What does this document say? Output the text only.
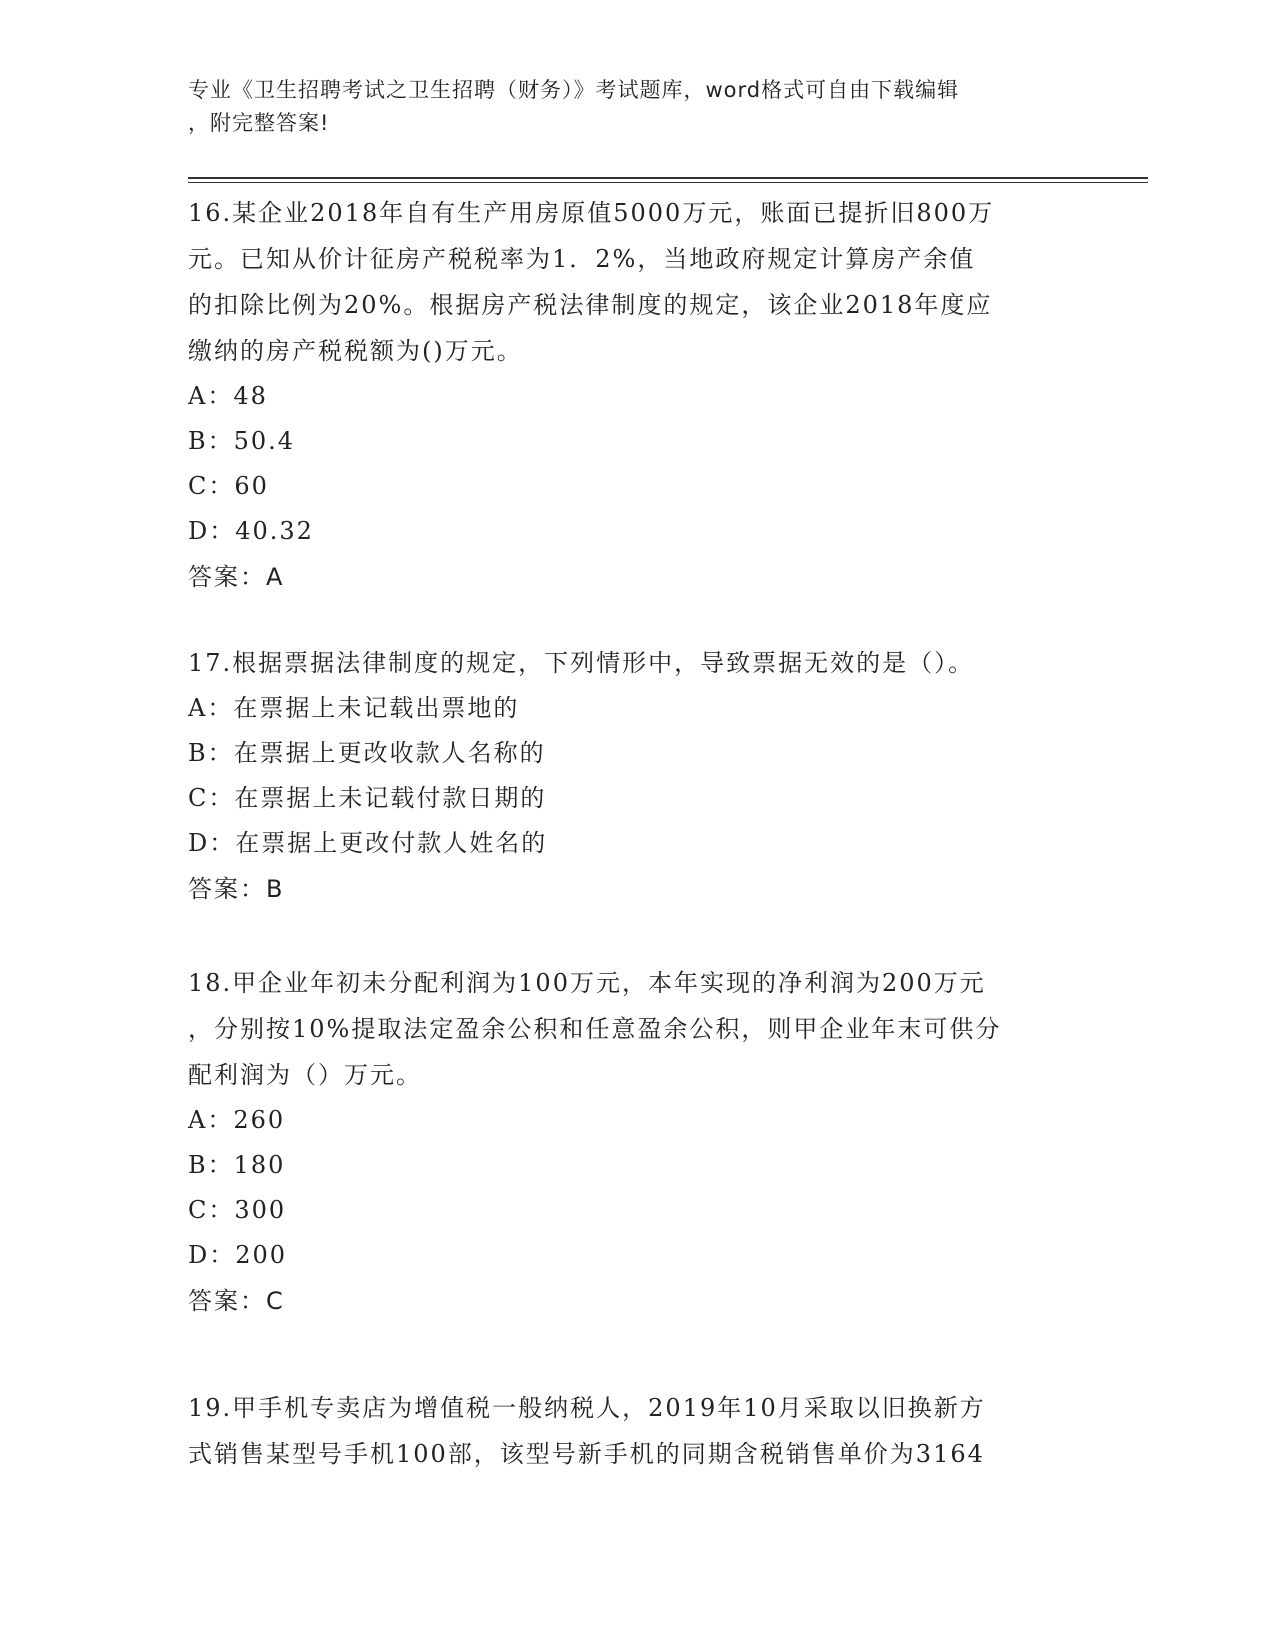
专业《卫生招聘考试之卫生招聘（财务）》考试题库，word格式可自由下载编辑
，附完整答案!
16.某企业2018年自有生产用房原值5000万元，账面已提折旧800万
元。已知从价计征房产税税率为1．2%，当地政府规定计算房产余值
的扣除比例为20%。根据房产税法律制度的规定，该企业2018年度应
缴纳的房产税税额为()万元。
A：48
B：50.4
C：60
D：40.32
答案：A
17.根据票据法律制度的规定，下列情形中，导致票据无效的是（）。
A：在票据上未记载出票地的
B：在票据上更改收款人名称的
C：在票据上未记载付款日期的
D：在票据上更改付款人姓名的
答案：B
18.甲企业年初未分配利润为100万元，本年实现的净利润为200万元
，分别按10%提取法定盈余公积和任意盈余公积，则甲企业年末可供分
配利润为（）万元。
A：260
B：180
C：300
D：200
答案：C
19.甲手机专卖店为增值税一般纳税人，2019年10月采取以旧换新方
式销售某型号手机100部，该型号新手机的同期含税销售单价为3164
